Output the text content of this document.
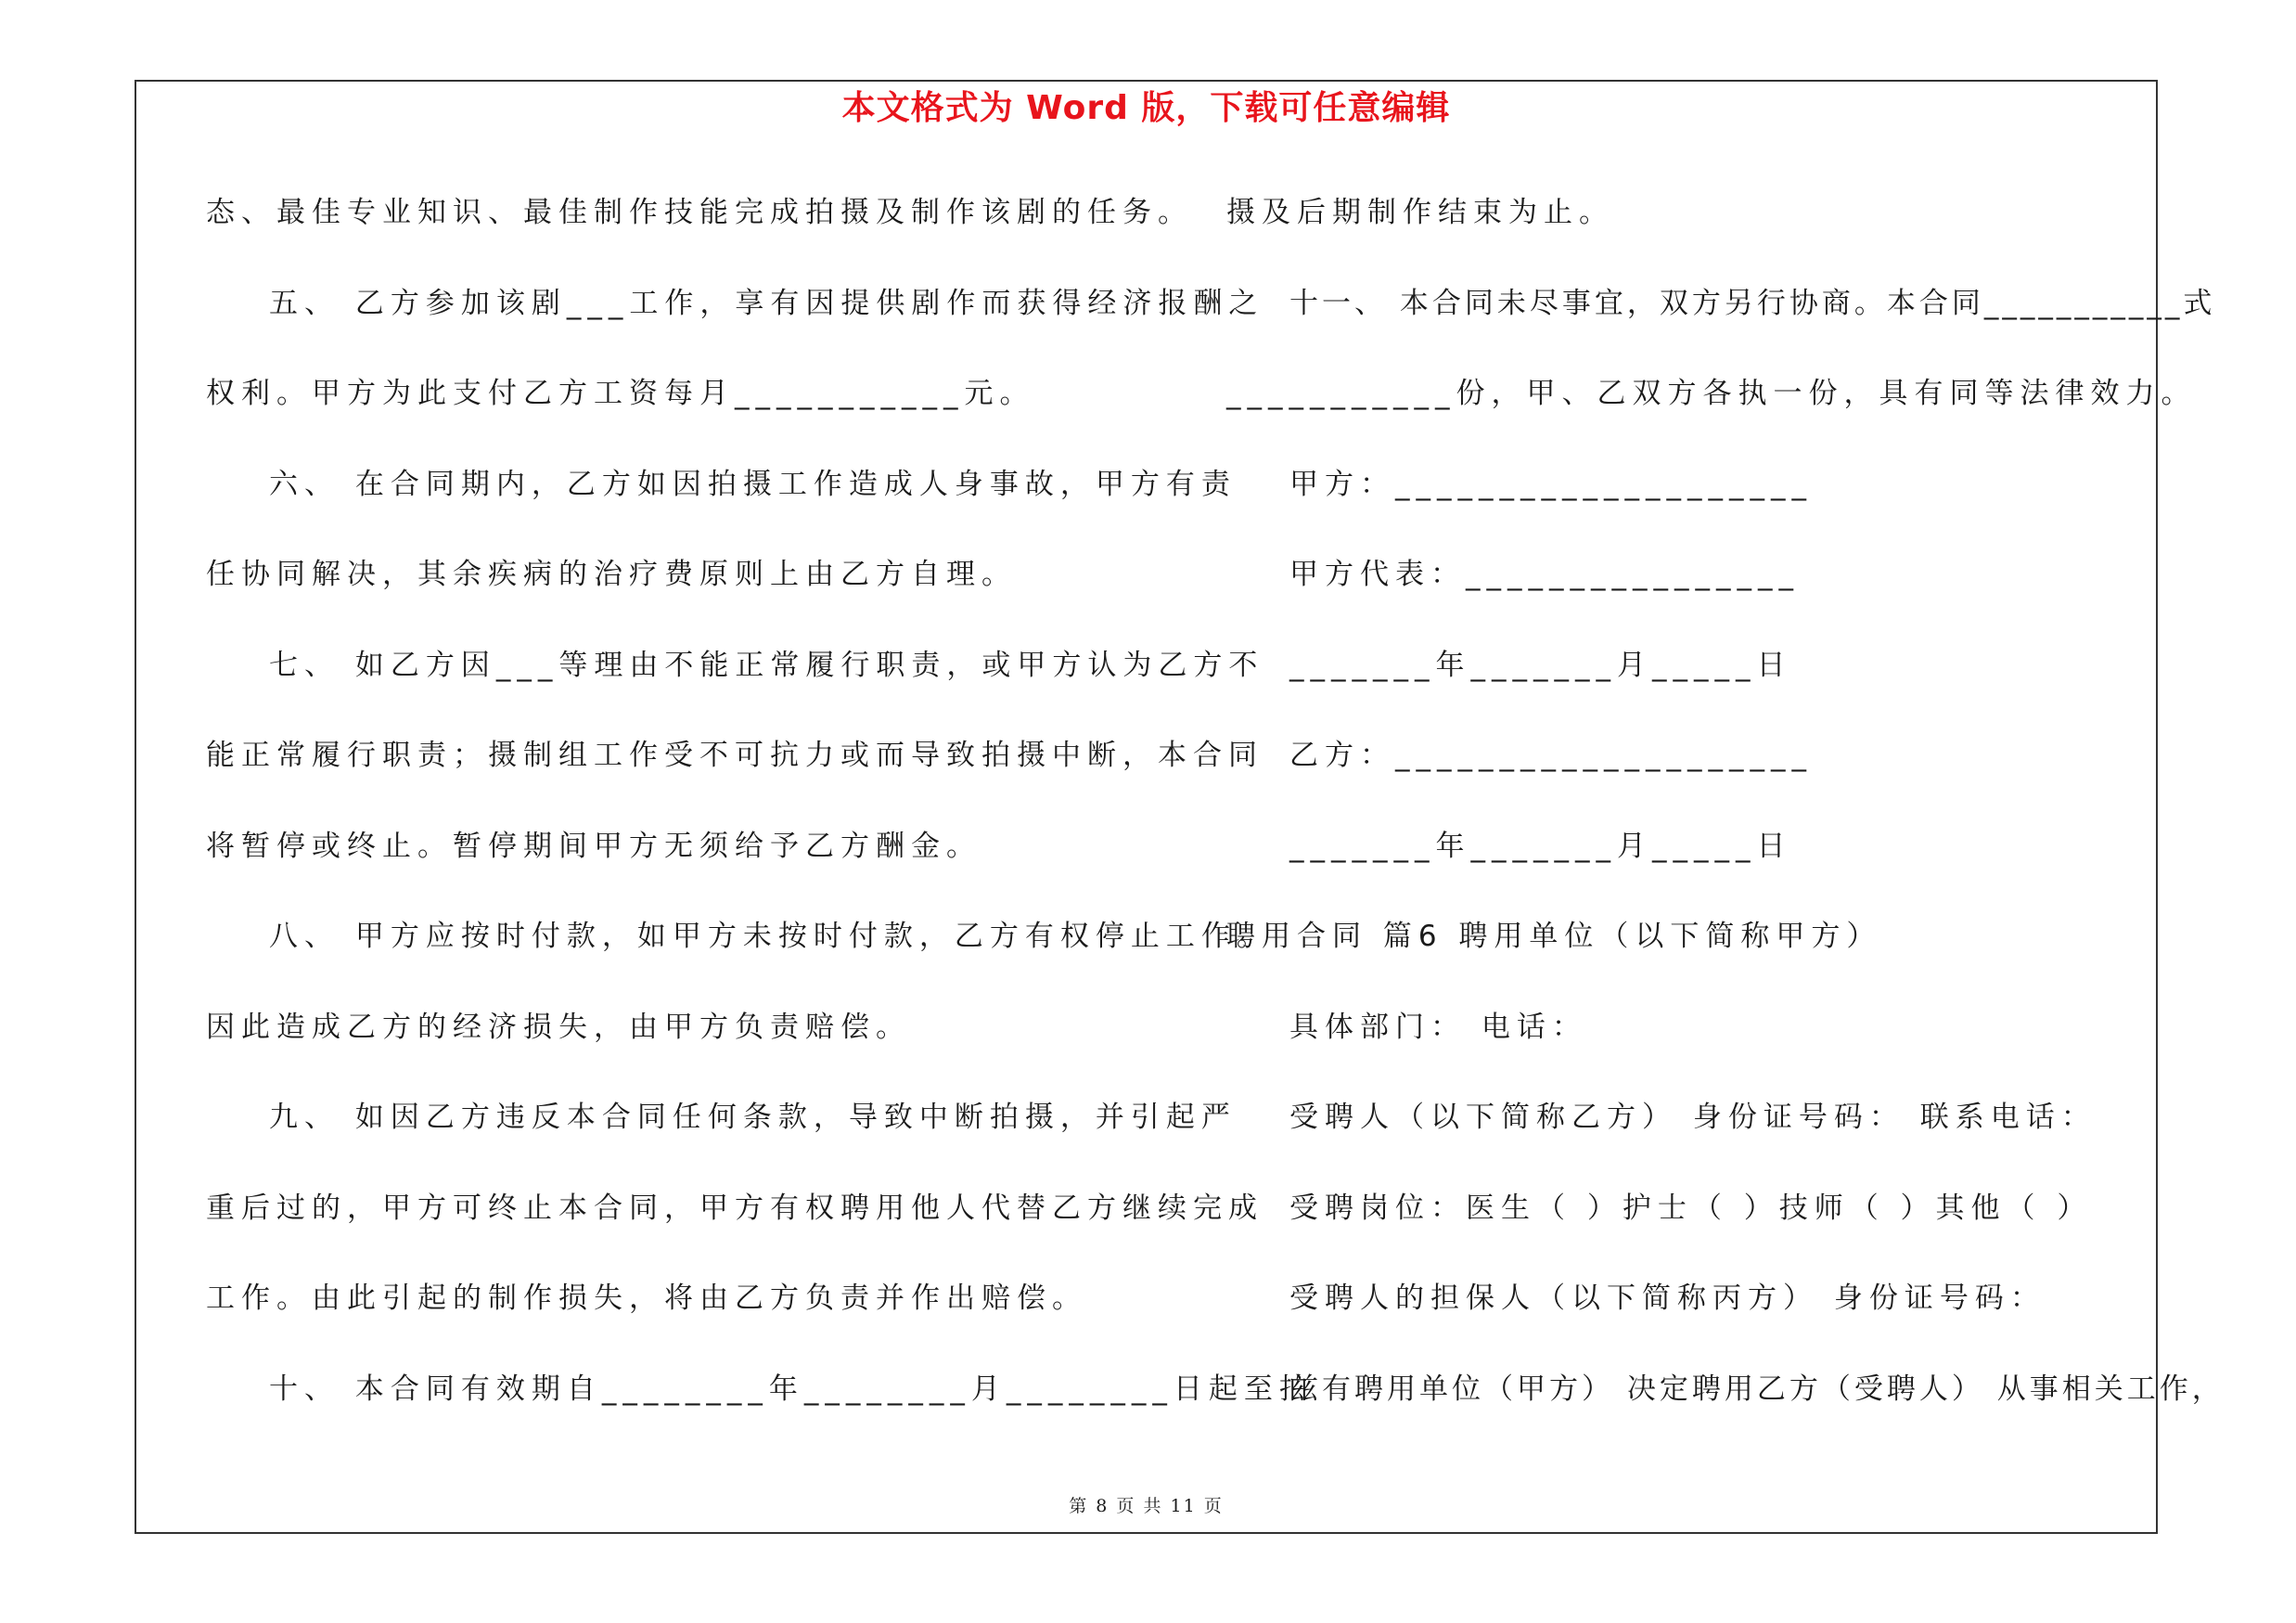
本文格式为 Word 版，下载可任意编辑
态、最佳专业知识、最佳制作技能完成拍摄及制作该剧的任务。
五、 乙方参加该剧___工作，享有因提供剧作而获得经济报酬之
权利。甲方为此支付乙方工资每月___________元。
六、 在合同期内，乙方如因拍摄工作造成人身事故，甲方有责
任协同解决，其余疾病的治疗费原则上由乙方自理。
七、 如乙方因___等理由不能正常履行职责，或甲方认为乙方不
能正常履行职责；摄制组工作受不可抗力或而导致拍摄中断，本合同
将暂停或终止。暂停期间甲方无须给予乙方酬金。
八、 甲方应按时付款，如甲方未按时付款，乙方有权停止工作。
因此造成乙方的经济损失，由甲方负责赔偿。
九、 如因乙方违反本合同任何条款，导致中断拍摄，并引起严
重后过的，甲方可终止本合同，甲方有权聘用他人代替乙方继续完成
工作。由此引起的制作损失，将由乙方负责并作出赔偿。
十、 本合同有效期自________年________月________日起至拍
摄及后期制作结束为止。
十一、 本合同未尽事宜，双方另行协商。本合同___________式
___________份，甲、乙双方各执一份，具有同等法律效力。
甲方：____________________
甲方代表：________________
_______年_______月_____日
乙方：____________________
_______年_______月_____日
聘用合同 篇6 聘用单位（以下简称甲方）
具体部门： 电话：
受聘人（以下简称乙方） 身份证号码： 联系电话：
受聘岗位：医生（ ）护士（ ）技师（ ）其他（ ）
受聘人的担保人（以下简称丙方） 身份证号码：
兹有聘用单位（甲方） 决定聘用乙方（受聘人） 从事相关工作，
第 8 页 共 11 页
